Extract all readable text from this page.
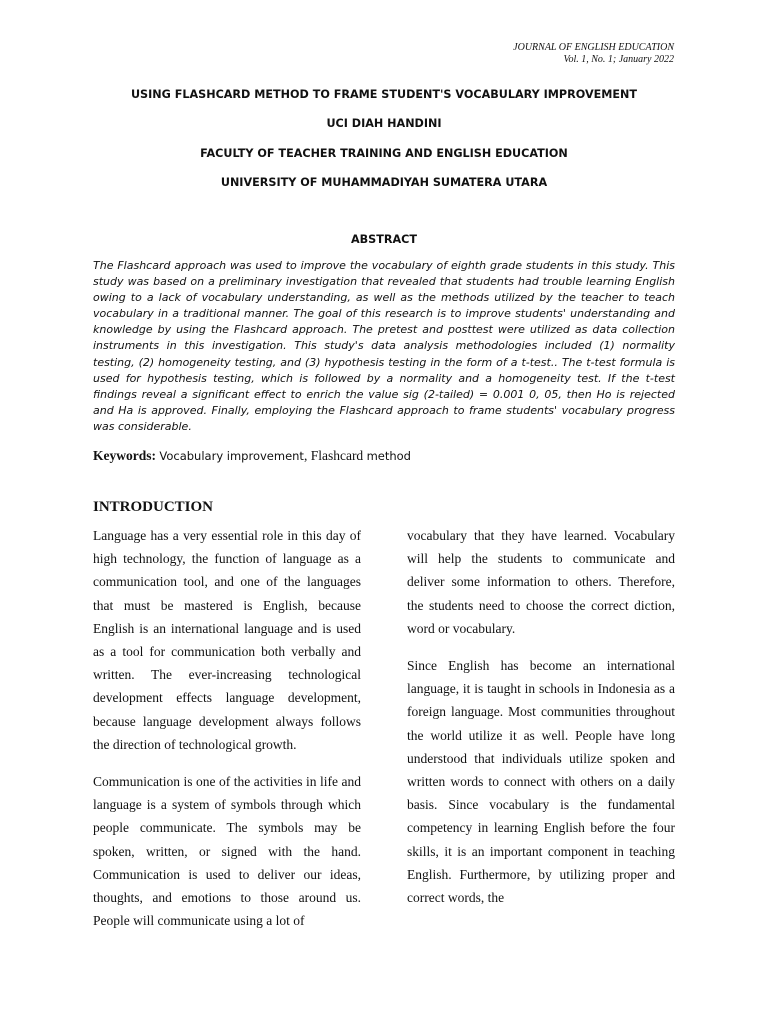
JOURNAL OF ENGLISH EDUCATION
Vol. 1, No. 1; January 2022
USING FLASHCARD METHOD TO FRAME STUDENT'S VOCABULARY IMPROVEMENT
UCI DIAH HANDINI
FACULTY OF TEACHER TRAINING AND ENGLISH EDUCATION
UNIVERSITY OF MUHAMMADIYAH SUMATERA UTARA
ABSTRACT

The Flashcard approach was used to improve the vocabulary of eighth grade students in this study. This study was based on a preliminary investigation that revealed that students had trouble learning English owing to a lack of vocabulary understanding, as well as the methods utilized by the teacher to teach vocabulary in a traditional manner. The goal of this research is to improve students' understanding and knowledge by using the Flashcard approach. The pretest and posttest were utilized as data collection instruments in this investigation. This study's data analysis methodologies included (1) normality testing, (2) homogeneity testing, and (3) hypothesis testing in the form of a t-test.. The t-test formula is used for hypothesis testing, which is followed by a normality and a homogeneity test. If the t-test findings reveal a significant effect to enrich the value sig (2-tailed) = 0.001 0, 05, then Ho is rejected and Ha is approved. Finally, employing the Flashcard approach to frame students' vocabulary progress was considerable.

Keywords: Vocabulary improvement, Flashcard method
INTRODUCTION

Language has a very essential role in this day of high technology, the function of language as a communication tool, and one of the languages that must be mastered is English, because English is an international language and is used as a tool for communication both verbally and written. The ever-increasing technological development effects language development, because language development always follows the direction of technological growth.

Communication is one of the activities in life and language is a system of symbols through which people communicate. The symbols may be spoken, written, or signed with the hand. Communication is used to deliver our ideas, thoughts, and emotions to those around us. People will communicate using a lot of

vocabulary that they have learned. Vocabulary will help the students to communicate and deliver some information to others. Therefore, the students need to choose the correct diction, word or vocabulary.

Since English has become an international language, it is taught in schools in Indonesia as a foreign language. Most communities throughout the world utilize it as well. People have long understood that individuals utilize spoken and written words to connect with others on a daily basis. Since vocabulary is the fundamental competency in learning English before the four skills, it is an important component in teaching English. Furthermore, by utilizing proper and correct words, the
